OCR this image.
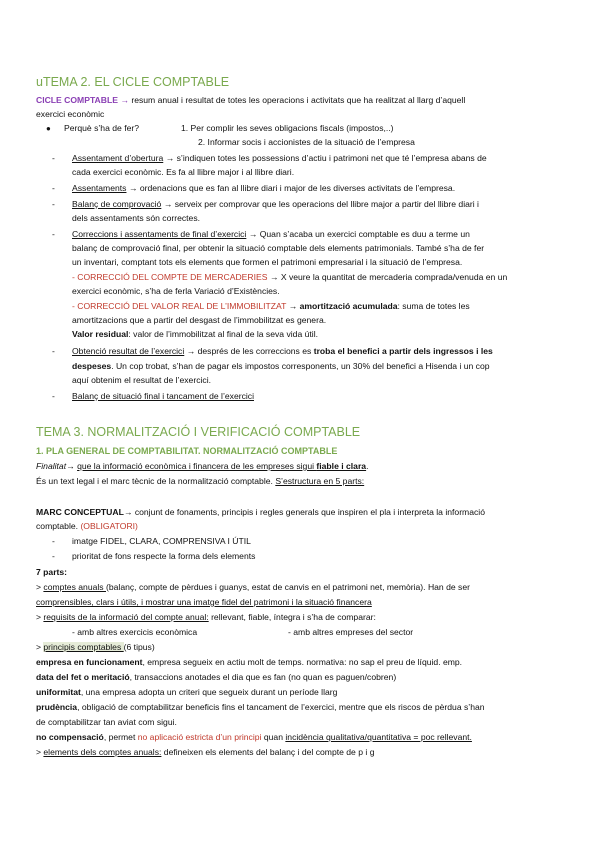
uTEMA 2. EL CICLE COMPTABLE
CICLE COMPTABLE → resum anual i resultat de totes les operacions i activitats que ha realitzat al llarg d’aquell
exercici econòmic
● Perquè s’ha de fer?	1. Per complir les seves obligacions fiscals (impostos,..)
2. Informar socis i accionistes de la situació de l’empresa
- Assentament d’obertura → s’indiquen totes les possessions d’actiu i patrimoni net que té l’empresa abans de
cada exercici econòmic. Es fa al llibre major i al llibre diari.
- Assentaments → ordenacions que es fan al llibre diari i major de les diverses activitats de l’empresa.
- Balanç de comprovació → serveix per comprovar que les operacions del llibre major a partir del llibre diari i
dels assentaments són correctes.
- Correccions i assentaments de final d’exercici → Quan s’acaba un exercici comptable es duu a terme un
balanç de comprovació final, per obtenir la situació comptable dels elements patrimonials. També s’ha de fer
un inventari, comptant tots els elements que formen el patrimoni empresarial i la situació de l’empresa.
- CORRECCIÓ DEL COMPTE DE MERCADERIES → X veure la quantitat de mercaderia comprada/venuda en un
exercici econòmic, s’ha de ferla Variació d’Existències.
- CORRECCIÓ DEL VALOR REAL DE L’IMMOBILITZAT → amortització acumulada: suma de totes les
amortitzacions que a partir del desgast de l’immobilitzat es genera.
Valor residual: valor de l’immobilitzat al final de la seva vida útil.
- Obtenció resultat de l’exercici → després de les correccions es troba el benefici a partir dels ingressos i les
despeses. Un cop trobat, s’han de pagar els impostos corresponents, un 30% del benefici a Hisenda i un cop
aquí obtenim el resultat de l’exercici.
- Balanç de situació final i tancament de l’exercici
TEMA 3. NORMALITZACIÓ I VERIFICACIÓ COMPTABLE
1. PLA GENERAL DE COMPTABILITAT. NORMALITZACIÓ COMPTABLE
Finalitat→ que la informació econòmica i financera de les empreses sigui fiable i clara.
És un text legal i el marc tècnic de la normalització comptable. S’estructura en 5 parts:
MARC CONCEPTUAL→ conjunt de fonaments, principis i regles generals que inspiren el pla i interpreta la informació
comptable. (OBLIGATORI)
- imatge FIDEL, CLARA, COMPRENSIVA I ÚTIL
- prioritat de fons respecte la forma dels elements
7 parts:
> comptes anuals (balanç, compte de pèrdues i guanys, estat de canvis en el patrimoni net, memòria). Han de ser
comprensibles, clars i útils, i mostrar una imatge fidel del patrimoni i la situació financera
> requisits de la informació del compte anual: rellevant, fiable, íntegra i s’ha de comparar:
- amb altres exercicis econòmica	- amb altres empreses del sector
> principis comptables (6 tipus)
empresa en funcionament, empresa segueix en actiu molt de temps. normativa: no sap el preu de líquid. emp.
data del fet o meritació, transaccions anotades el dia que es fan (no quan es paguen/cobren)
uniformitat, una empresa adopta un criteri que segueix durant un període llarg
prudència, obligació de comptabilitzar beneficis fins el tancament de l’exercici, mentre que els riscos de pèrdua s’han
de comptabilitzar tan aviat com sigui.
no compensació, permet no aplicació estricta d’un principi quan incidència qualitativa/quantitativa = poc rellevant.
> elements dels comptes anuals: defineixen els elements del balanç i del compte de p i g
